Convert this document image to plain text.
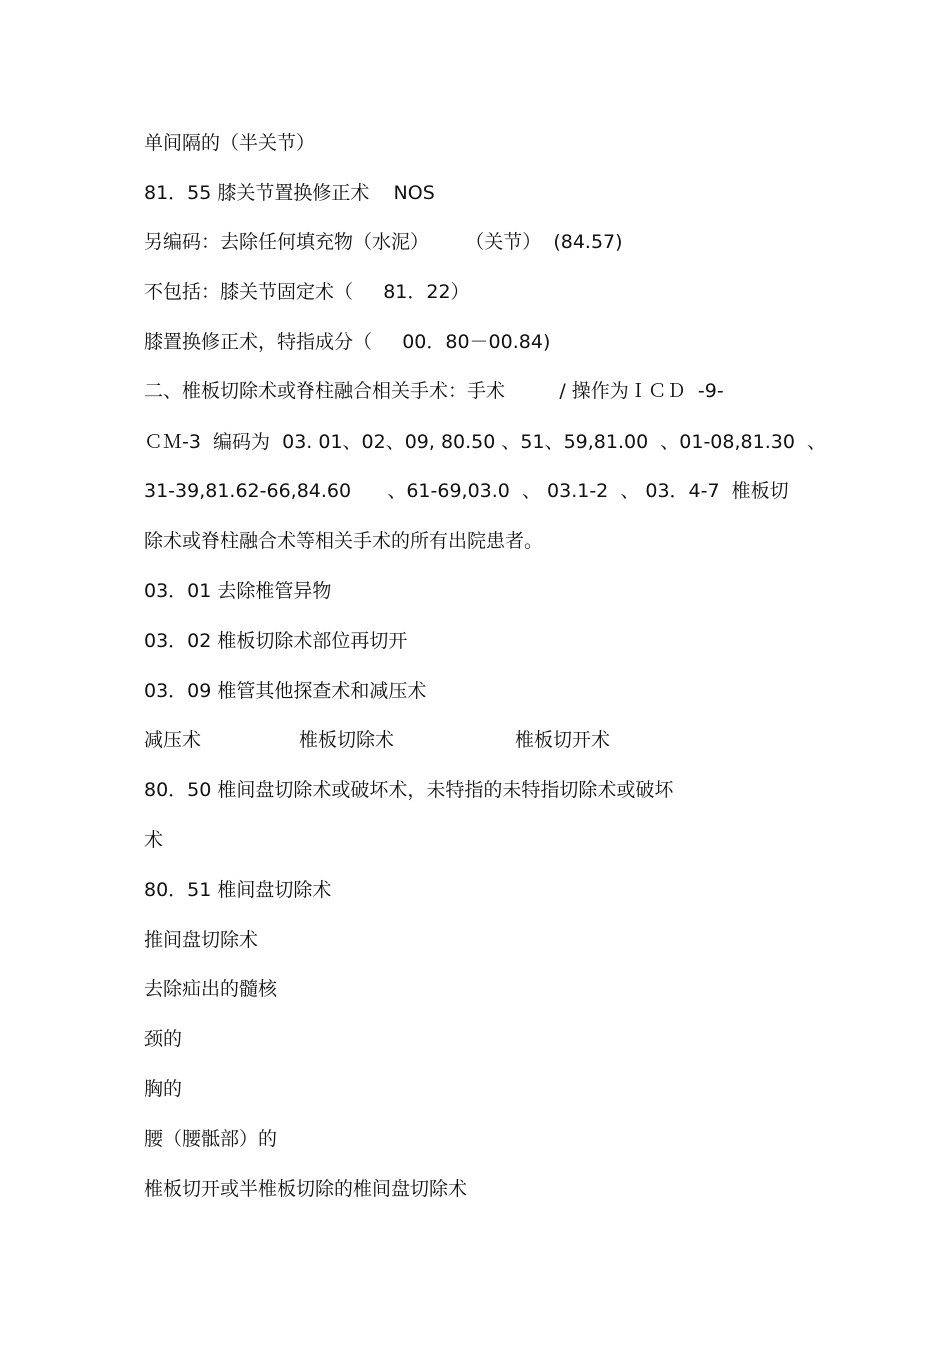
单间隔的（半关节）
81．55 膝关节置换修正术    NOS
另编码：去除任何填充物（水泥）      （关节）  (84.57)
不包括：膝关节固定术（     81．22）
膝置换修正术，特指成分（     00．80－00.84)
二、椎板切除术或脊柱融合相关手术：手术         / 操作为ＩＣＤ  -9-
ＣＭ-3  编码为  03. 01、02、09, 80.50 、51、59,81.00  、01-08,81.30  、
31-39,81.62-66,84.60      、61-69,03.0  、 03.1-2  、 03．4-7  椎板切
除术或脊柱融合术等相关手术的所有出院患者。
03．01 去除椎管异物
03．02 椎板切除术部位再切开
03．09 椎管其他探查术和减压术
减压术	椎板切除术	椎板切开术
80．50 椎间盘切除术或破坏术，未特指的未特指切除术或破坏
术
80．51 椎间盘切除术
推间盘切除术
去除疝出的髓核
颈的
胸的
腰（腰骶部）的
椎板切开或半椎板切除的椎间盘切除术
